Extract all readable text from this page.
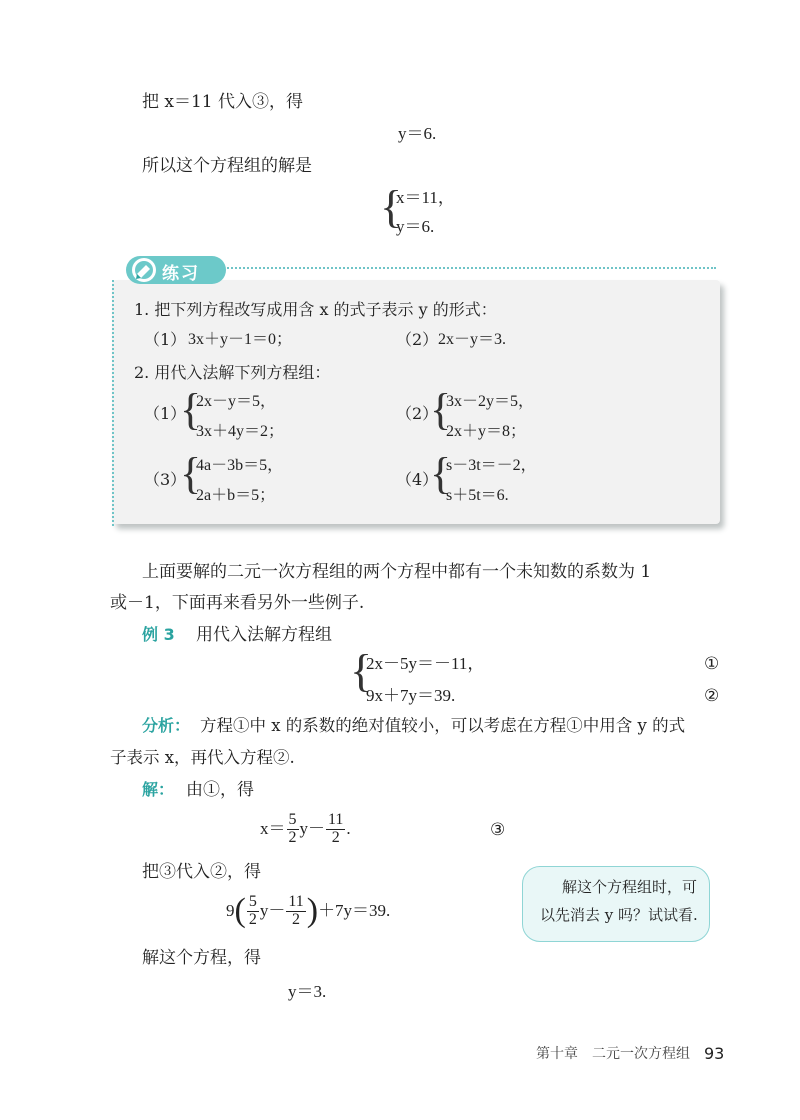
把 x＝11 代入③，得
y＝6.
所以这个方程组的解是
{
x＝11，
y＝6.
练习
1. 把下列方程改写成用含 x 的式子表示 y 的形式：
（1） 3x＋y－1＝0；	（2） 2x－y＝3.
2. 用代入法解下列方程组：
（1）
{
2x－y＝5，
3x＋4y＝2；
（2）
{
3x－2y＝5，
2x＋y＝8；
（3）
{
4a－3b＝5，
2a＋b＝5；
（4）
{
s－3t＝－2，
s＋5t＝6.
上面要解的二元一次方程组的两个方程中都有一个未知数的系数为 1
或－1，下面再来看另外一些例子.
例 3 用代入法解方程组
{
2x－5y＝－11，
9x＋7y＝39.
①
②
分析： 方程①中 x 的系数的绝对值较小，可以考虑在方程①中用含 y 的式
子表示 x，再代入方程②.
解： 由①，得
$x= \frac{5}{2} y- \frac{11}{2}$ .	③
把③代入②，得
9 ( $\frac{5}{2} y- \frac{11}{2}$ ) ＋7y＝39.
解这个方程，得
y＝3.
解这个方程组时，可
以先消去 y 吗？试试看.
第十章　二元一次方程组 93
